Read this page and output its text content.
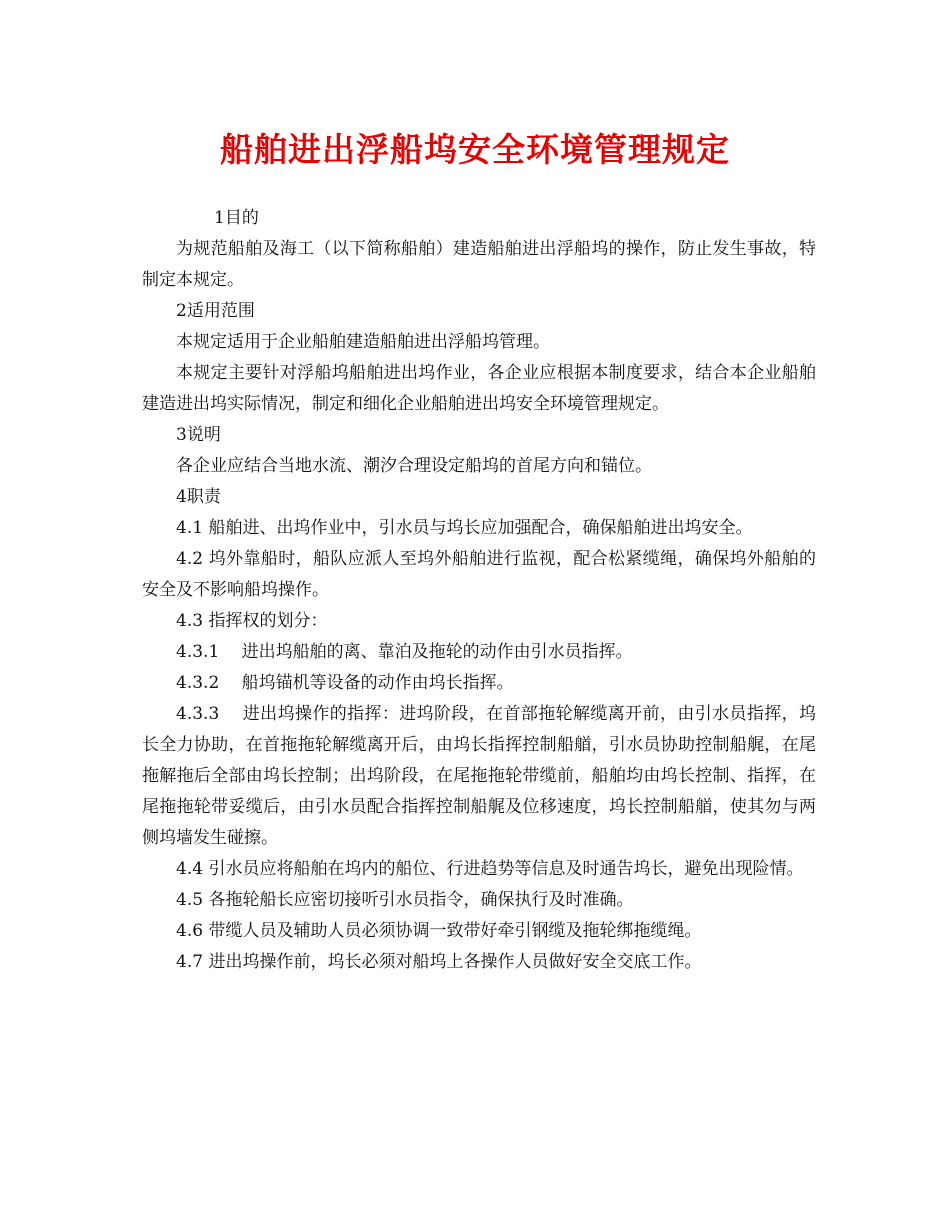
船舶进出浮船坞安全环境管理规定

1目的

为规范船舶及海工（以下简称船舶）建造船舶进出浮船坞的操作，防止发生事故，特制定本规定。

2适用范围

本规定适用于企业船舶建造船舶进出浮船坞管理。

本规定主要针对浮船坞船舶进出坞作业，各企业应根据本制度要求，结合本企业船舶建造进出坞实际情况，制定和细化企业船舶进出坞安全环境管理规定。

3说明

各企业应结合当地水流、潮汐合理设定船坞的首尾方向和锚位。

4职责

4.1 船舶进、出坞作业中，引水员与坞长应加强配合，确保船舶进出坞安全。

4.2 坞外靠船时，船队应派人至坞外船舶进行监视，配合松紧缆绳，确保坞外船舶的安全及不影响船坞操作。

4.3 指挥权的划分：

4.3.1　 进出坞船舶的离、靠泊及拖轮的动作由引水员指挥。

4.3.2　 船坞锚机等设备的动作由坞长指挥。

4.3.3　 进出坞操作的指挥：进坞阶段，在首部拖轮解缆离开前，由引水员指挥，坞长全力协助，在首拖拖轮解缆离开后，由坞长指挥控制船艏，引水员协助控制船艉，在尾拖解拖后全部由坞长控制；出坞阶段，在尾拖拖轮带缆前，船舶均由坞长控制、指挥，在尾拖拖轮带妥缆后，由引水员配合指挥控制船艉及位移速度，坞长控制船艏，使其勿与两侧坞墙发生碰擦。

4.4 引水员应将船舶在坞内的船位、行进趋势等信息及时通告坞长，避免出现险情。

4.5 各拖轮船长应密切接听引水员指令，确保执行及时准确。

4.6 带缆人员及辅助人员必须协调一致带好牵引钢缆及拖轮绑拖缆绳。

4.7 进出坞操作前，坞长必须对船坞上各操作人员做好安全交底工作。
